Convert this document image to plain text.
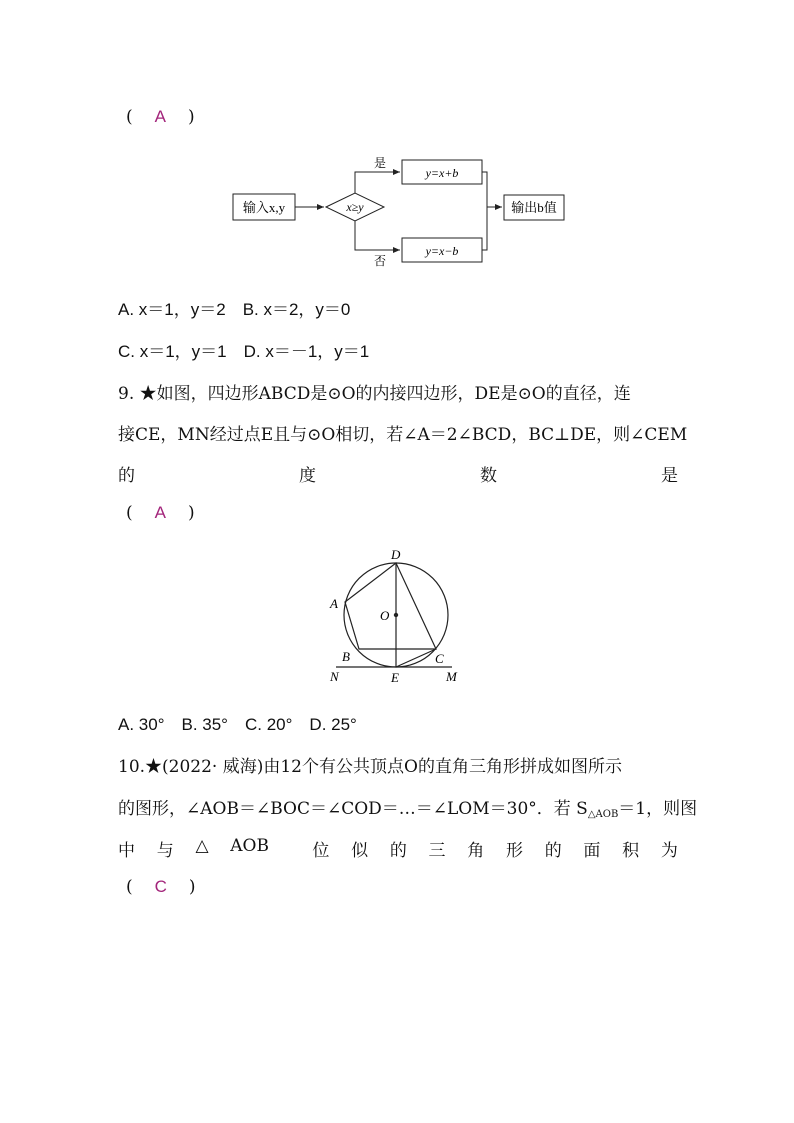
( A )
输入x,y	x≥y
是
否
y=x+b
y=x−b
输出b值
A. x＝1，y＝2　B. x＝2，y＝0
C. x＝1，y＝1　D. x＝－1，y＝1
9. ★如图，四边形ABCD是⊙O的内接四边形，DE是⊙O的直径，连
接CE，MN经过点E且与⊙O相切，若∠A＝2∠BCD，BC⊥DE，则∠CEM
的	度	数	是
( A )
D
A
O
B	C
N	E	M
A. 30°　B. 35°　C. 20°　D. 25°
10.★(2022· 威海)由12个有公共顶点O的直角三角形拼成如图所示
的图形，∠AOB＝∠BOC＝∠COD＝…＝∠LOM＝30°．若 $S_{\triangle AOB}=1$，则图
中 与 △ AOB	位 似 的 三 角 形 的 面 积 为
( C )
